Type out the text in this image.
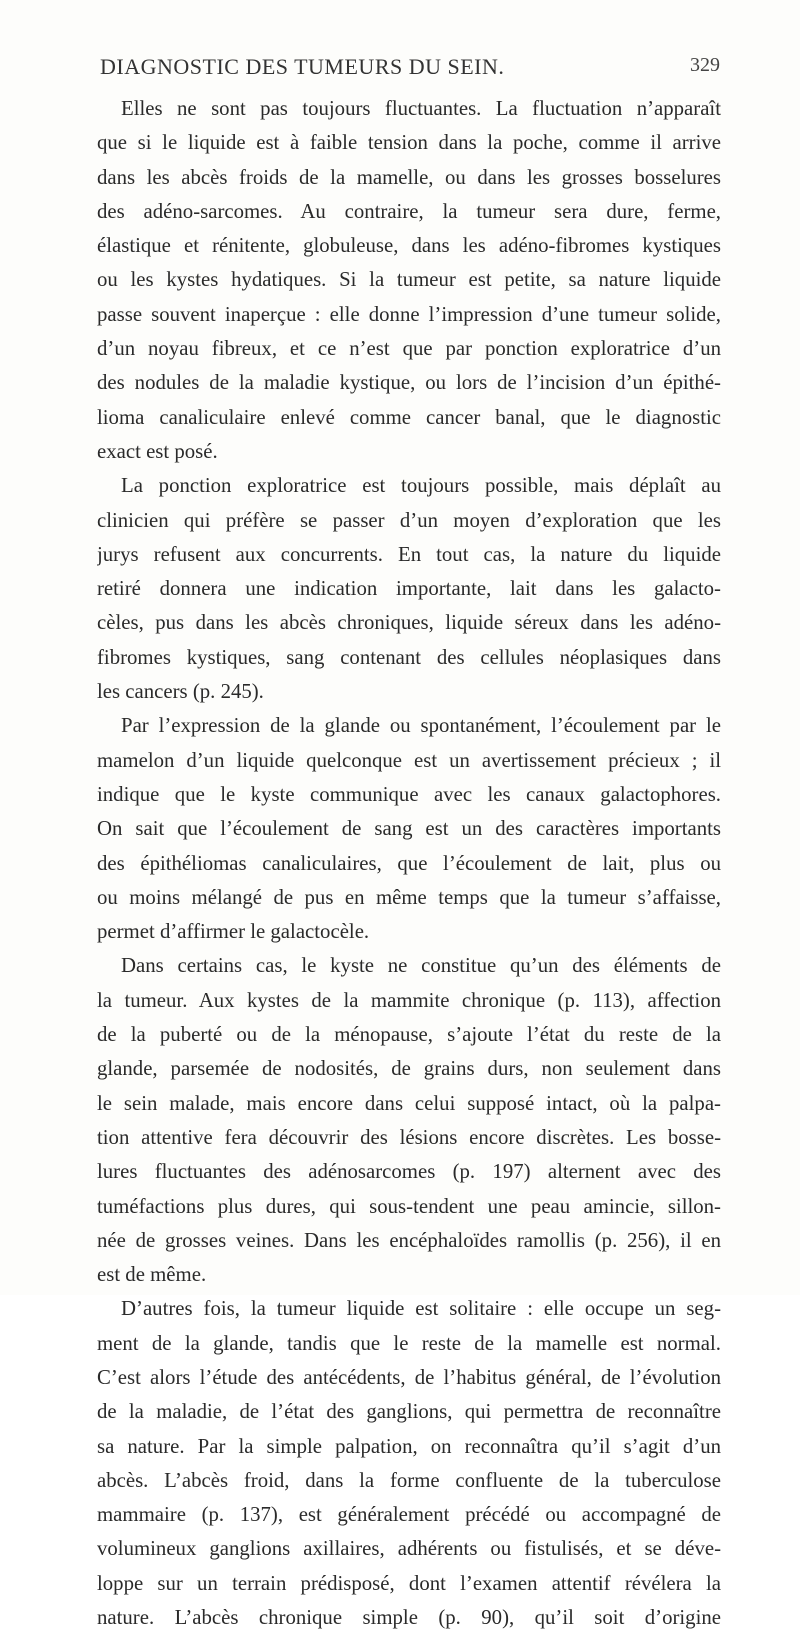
DIAGNOSTIC DES TUMEURS DU SEIN.	329
Elles ne sont pas toujours fluctuantes. La fluctuation n’apparaît
que si le liquide est à faible tension dans la poche, comme il arrive
dans les abcès froids de la mamelle, ou dans les grosses bosselures
des adéno-sarcomes. Au contraire, la tumeur sera dure, ferme,
élastique et rénitente, globuleuse, dans les adéno-fibromes kystiques
ou les kystes hydatiques. Si la tumeur est petite, sa nature liquide
passe souvent inaperçue : elle donne l’impression d’une tumeur solide,
d’un noyau fibreux, et ce n’est que par ponction exploratrice d’un
des nodules de la maladie kystique, ou lors de l’incision d’un épithé-
lioma canaliculaire enlevé comme cancer banal, que le diagnostic
exact est posé.
La ponction exploratrice est toujours possible, mais déplaît au
clinicien qui préfère se passer d’un moyen d’exploration que les
jurys refusent aux concurrents. En tout cas, la nature du liquide
retiré donnera une indication importante, lait dans les galacto-
cèles, pus dans les abcès chroniques, liquide séreux dans les adéno-
fibromes kystiques, sang contenant des cellules néoplasiques dans
les cancers (p. 245).
Par l’expression de la glande ou spontanément, l’écoulement par le
mamelon d’un liquide quelconque est un avertissement précieux ; il
indique que le kyste communique avec les canaux galactophores.
On sait que l’écoulement de sang est un des caractères importants
des épithéliomas canaliculaires, que l’écoulement de lait, plus ou
ou moins mélangé de pus en même temps que la tumeur s’affaisse,
permet d’affirmer le galactocèle.
Dans certains cas, le kyste ne constitue qu’un des éléments de
la tumeur. Aux kystes de la mammite chronique (p. 113), affection
de la puberté ou de la ménopause, s’ajoute l’état du reste de la
glande, parsemée de nodosités, de grains durs, non seulement dans
le sein malade, mais encore dans celui supposé intact, où la palpa-
tion attentive fera découvrir des lésions encore discrètes. Les bosse-
lures fluctuantes des adénosarcomes (p. 197) alternent avec des
tuméfactions plus dures, qui sous-tendent une peau amincie, sillon-
née de grosses veines. Dans les encéphaloïdes ramollis (p. 256), il en
est de même.
D’autres fois, la tumeur liquide est solitaire : elle occupe un seg-
ment de la glande, tandis que le reste de la mamelle est normal.
C’est alors l’étude des antécédents, de l’habitus général, de l’évolution
de la maladie, de l’état des ganglions, qui permettra de reconnaître
sa nature. Par la simple palpation, on reconnaîtra qu’il s’agit d’un
abcès. L’abcès froid, dans la forme confluente de la tuberculose
mammaire (p. 137), est généralement précédé ou accompagné de
volumineux ganglions axillaires, adhérents ou fistulisés, et se déve-
loppe sur un terrain prédisposé, dont l’examen attentif révélera la
nature. L’abcès chronique simple (p. 90), qu’il soit d’origine
